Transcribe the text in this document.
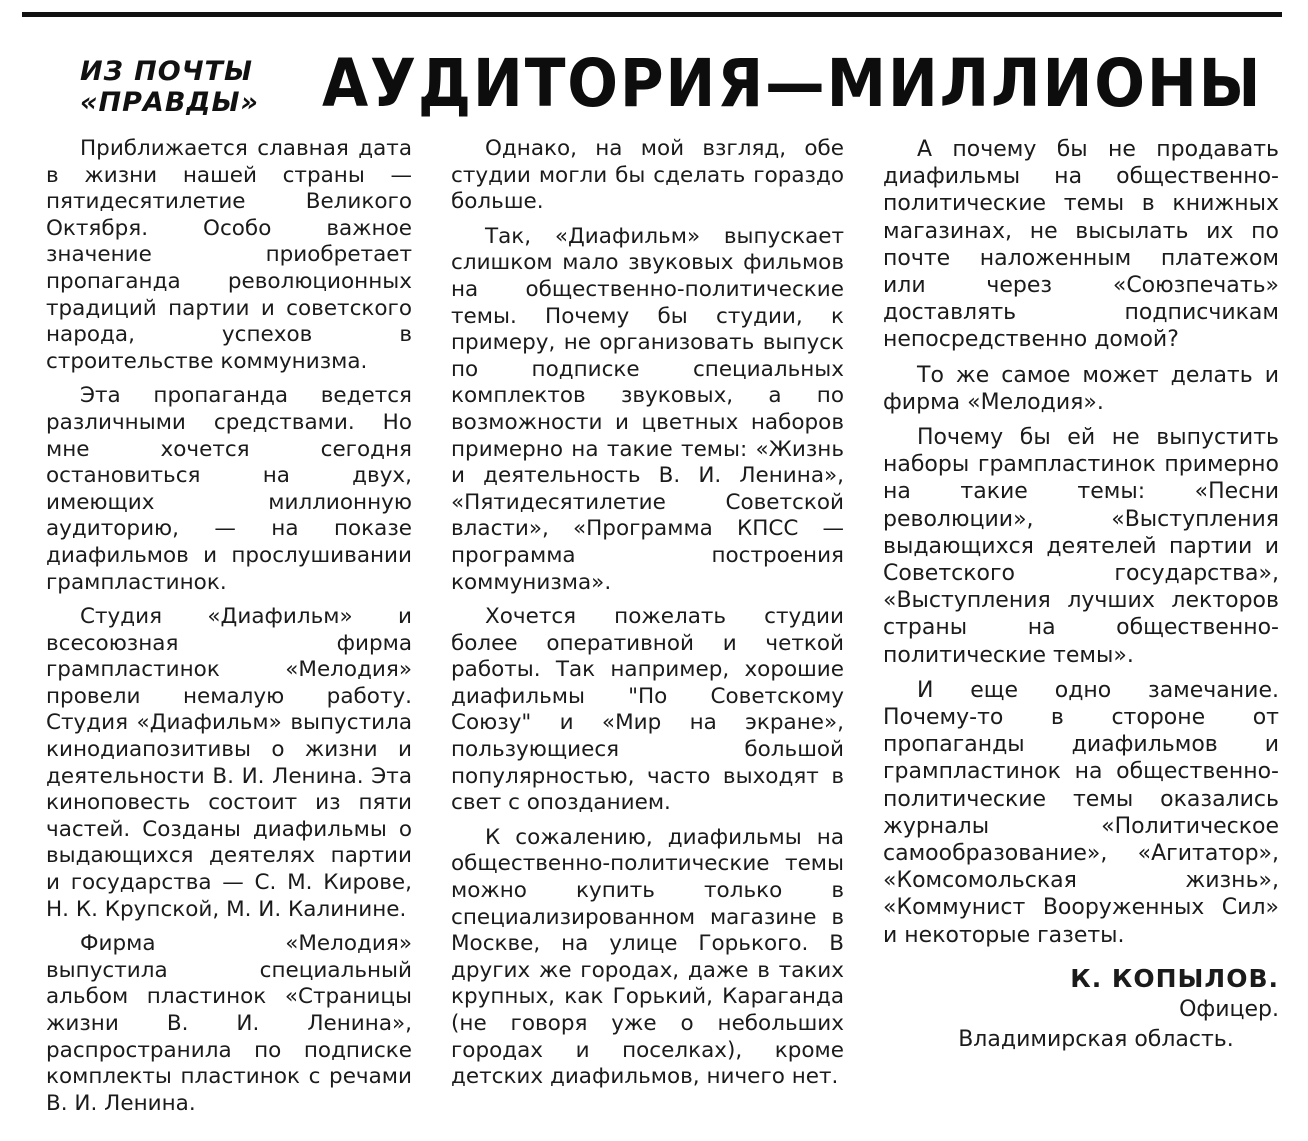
ИЗ ПОЧТЫ
«ПРАВДЫ» АУДИТОРИЯ—МИЛЛИОНЫ

Приближается славная дата в жизни нашей страны — пятидесятилетие Великого Октября. Особо важное значение приобретает пропаганда революционных традиций партии и советского народа, успехов в строительстве коммунизма.

Эта пропаганда ведется различными средствами. Но мне хочется сегодня остановиться на двух, имеющих миллионную аудиторию, — на показе диафильмов и прослушивании грампластинок.

Студия «Диафильм» и всесоюзная фирма грампластинок «Мелодия» провели немалую работу. Студия «Диафильм» выпустила кинодиапозитивы о жизни и деятельности В. И. Ленина. Эта киноповесть состоит из пяти частей. Созданы диафильмы о выдающихся деятелях партии и государства — С. М. Кирове, Н. К. Крупской, М. И. Калинине.

Фирма «Мелодия» выпустила специальный альбом пластинок «Страницы жизни В. И. Ленина», распространила по подписке комплекты пластинок с речами В. И. Ленина.

Однако, на мой взгляд, обе студии могли бы сделать гораздо больше.

Так, «Диафильм» выпускает слишком мало звуковых фильмов на общественно-политические темы. Почему бы студии, к примеру, не организовать выпуск по подписке специальных комплектов звуковых, а по возможности и цветных наборов примерно на такие темы: «Жизнь и деятельность В. И. Ленина», «Пятидесятилетие Советской власти», «Программа КПСС — программа построения коммунизма».

Хочется пожелать студии более оперативной и четкой работы. Так например, хорошие диафильмы "По Советскому Союзу" и «Мир на экране», пользующиеся большой популярностью, часто выходят в свет с опозданием.

К сожалению, диафильмы на общественно-политические темы можно купить только в специализированном магазине в Москве, на улице Горького. В других же городах, даже в таких крупных, как Горький, Караганда (не говоря уже о небольших городах и поселках), кроме детских диафильмов, ничего нет.

А почему бы не продавать диафильмы на общественно-политические темы в книжных магазинах, не высылать их по почте наложенным платежом или через «Союзпечать» доставлять подписчикам непосредственно домой?

То же самое может делать и фирма «Мелодия».

Почему бы ей не выпустить наборы грампластинок примерно на такие темы: «Песни революции», «Выступления выдающихся деятелей партии и Советского государства», «Выступления лучших лекторов страны на общественно-политические темы».

И еще одно замечание. Почему-то в стороне от пропаганды диафильмов и грампластинок на общественно-политические темы оказались журналы «Политическое самообразование», «Агитатор», «Комсомольская жизнь», «Коммунист Вооруженных Сил» и некоторые газеты.

К. КОПЫЛОВ.
Офицер.
Владимирская область.
